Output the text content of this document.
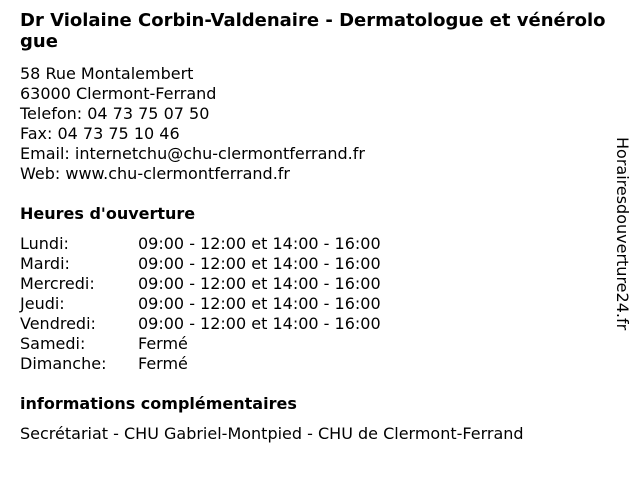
Dr Violaine Corbin-Valdenaire - Dermatologue et vénérologue
58 Rue Montalembert
63000 Clermont-Ferrand
Telefon: 04 73 75 07 50
Fax: 04 73 75 10 46
Email: internetchu@chu-clermontferrand.fr
Web: www.chu-clermontferrand.fr
Heures d'ouverture
Lundi:	09:00 - 12:00 et 14:00 - 16:00
Mardi:	09:00 - 12:00 et 14:00 - 16:00
Mercredi:	09:00 - 12:00 et 14:00 - 16:00
Jeudi:	09:00 - 12:00 et 14:00 - 16:00
Vendredi:	09:00 - 12:00 et 14:00 - 16:00
Samedi:	Fermé
Dimanche:	Fermé
informations complémentaires
Secrétariat - CHU Gabriel-Montpied - CHU de Clermont-Ferrand
Horairesdouverture24.fr
